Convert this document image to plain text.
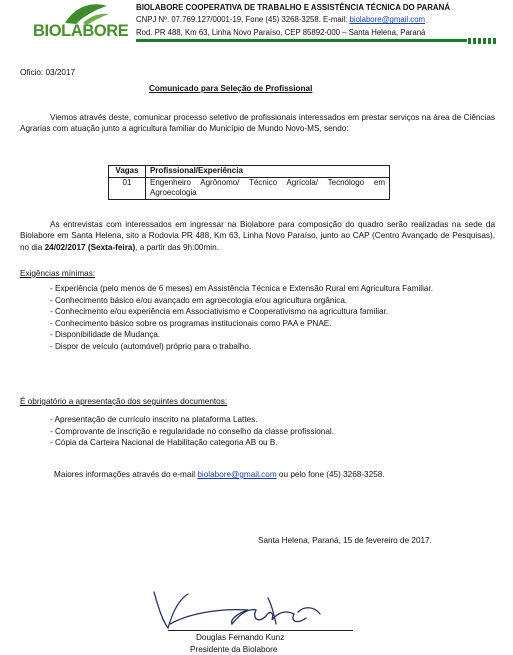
BIOLABORE
BIOLABORE COOPERATIVA DE TRABALHO E ASSISTÊNCIA TÉCNICA DO PARANÁ
CNPJ Nº. 07.769.127/0001-19, Fone (45) 3268-3258. E-mail: biolabore@gmail.com
Rod. PR 488, Km 63, Linha Novo Paraíso, CEP 85892-000 – Santa Helena, Paraná
Oficio: 03/2017
Comunicado para Seleção de Profissional
Viemos através deste, comunicar processo seletivo de profissionais interessados em prestar serviços na área de Ciências Agrarias com atuação junto a agricultura familiar do Município de Mundo Novo-MS, sendo:
Vagas	Profissional/Experiência
01	Engenheiro Agrônomo/ Técnico Agrícola/ Tecnólogo em Agroecologia
As entrevistas com interessados em ingressar na Biolabore para composição do quadro serão realizadas na sede da Biolabore em Santa Helena, sito a Rodovia PR 488, Km 63, Linha Novo Paraíso, junto ao CAP (Centro Avançado de Pesquisas), no dia 24/02/2017 (Sexta-feira), a partir das 9h:00min.
Exigências mínimas:
- Experiência (pelo menos de 6 meses) em Assistência Técnica e Extensão Rural em Agricultura Familiar.
- Conhecimento básico e/ou avançado em agroecologia e/ou agricultura orgânica.
- Conhecimento e/ou experiência em Associativismo e Cooperativismo na agricultura familiar.
- Conhecimento básico sobre os programas institucionais como PAA e PNAE.
- Disponibilidade de Mudança.
- Dispor de veículo (automóvel) próprio para o trabalho.
É obrigatório a apresentação dos seguintes documentos:
- Apresentação de currículo inscrito na plataforma Lattes.
- Comprovante de inscrição e regularidade no conselho da classe profissional.
- Cópia da Carteira Nacional de Habilitação categoria AB ou B.
Maiores informações através do e-mail biolabore@gmail.com ou pelo fone (45) 3268-3258.
Santa Helena, Paraná, 15 de fevereiro de 2017.
Douglas Fernando Kunz
Presidente da Biolabore
